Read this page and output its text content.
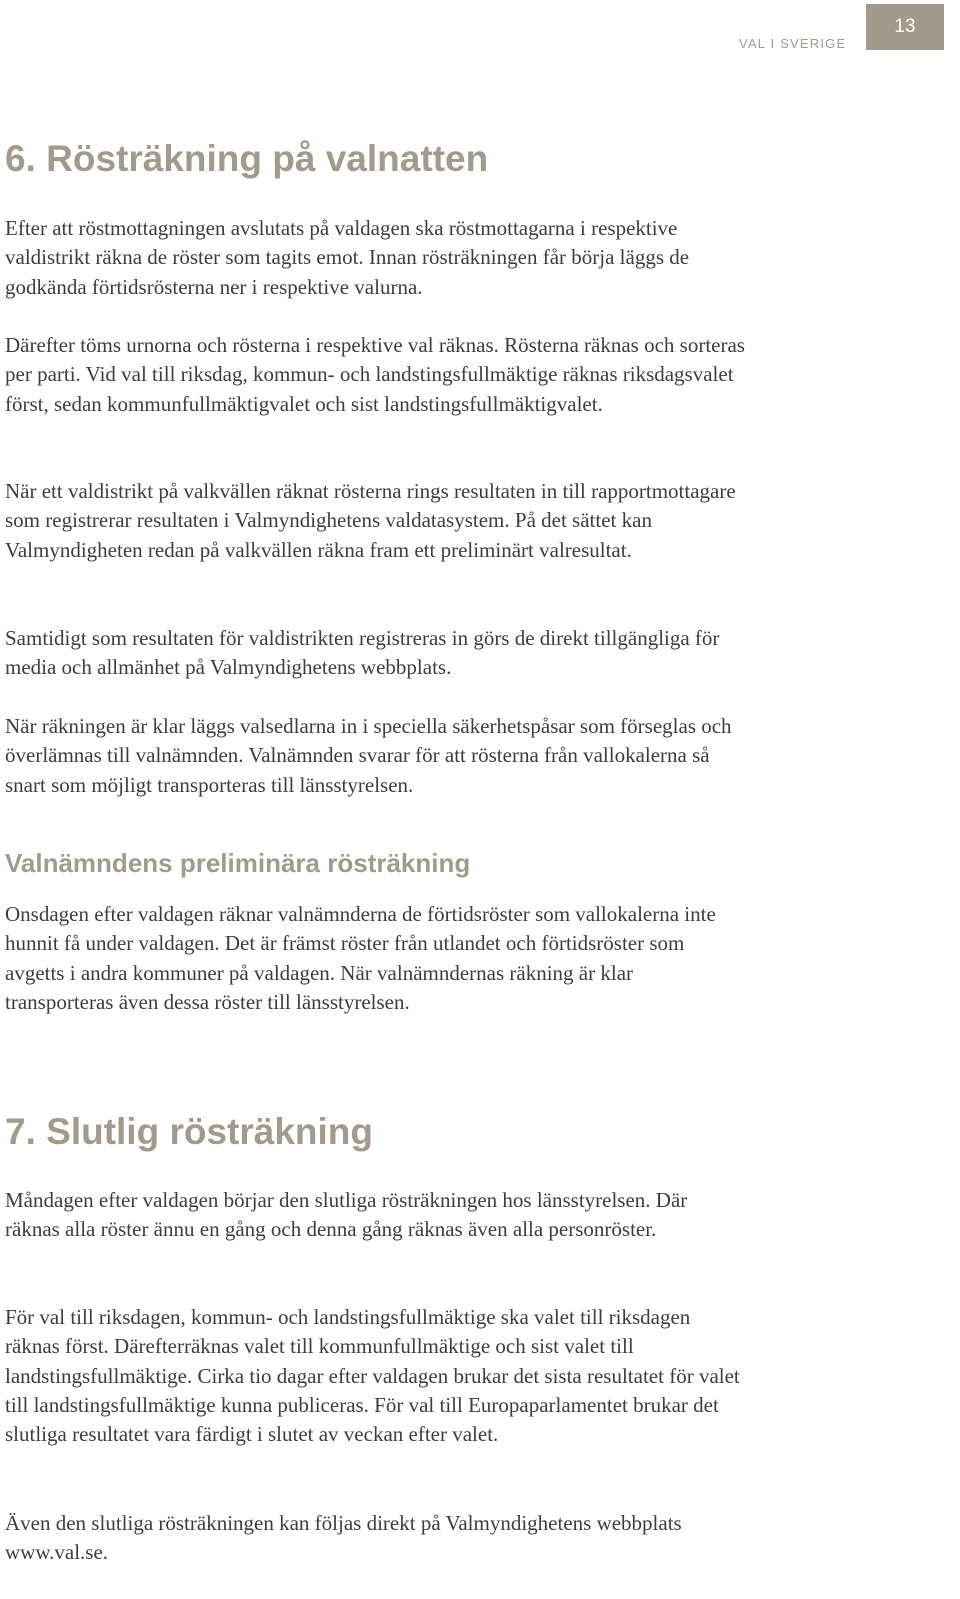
VAL I SVERIGE
13
6. Rösträkning på valnatten

Efter att röstmottagningen avslutats på valdagen ska röstmottagarna i respektive valdistrikt räkna de röster som tagits emot. Innan rösträkningen får börja läggs de godkända förtidsrösterna ner i respektive valurna.

Därefter töms urnorna och rösterna i respektive val räknas. Rösterna räknas och sorteras per parti. Vid val till riksdag, kommun- och landstingsfullmäktige räknas riksdagsvalet först, sedan kommunfullmäktigvalet och sist landstingsfullmäktigvalet.

När ett valdistrikt på valkvällen räknat rösterna rings resultaten in till rapportmottagare som registrerar resultaten i Valmyndighetens valdatasystem. På det sättet kan Valmyndigheten redan på valkvällen räkna fram ett preliminärt valresultat.

Samtidigt som resultaten för valdistrikten registreras in görs de direkt tillgängliga för media och allmänhet på Valmyndighetens webbplats.

När räkningen är klar läggs valsedlarna in i speciella säkerhetspåsar som förseglas och överlämnas till valnämnden. Valnämnden svarar för att rösterna från vallokalerna så snart som möjligt transporteras till länsstyrelsen.

Valnämndens preliminära rösträkning

Onsdagen efter valdagen räknar valnämnderna de förtidsröster som vallokalerna inte hunnit få under valdagen. Det är främst röster från utlandet och förtidsröster som avgetts i andra kommuner på valdagen. När valnämndernas räkning är klar transporteras även dessa röster till länsstyrelsen.

7. Slutlig rösträkning

Måndagen efter valdagen börjar den slutliga rösträkningen hos länsstyrelsen. Där räknas alla röster ännu en gång och denna gång räknas även alla personröster.

För val till riksdagen, kommun- och landstingsfullmäktige ska valet till riksdagen räknas först. Därefterräknas valet till kommunfullmäktige och sist valet till landstingsfullmäktige. Cirka tio dagar efter valdagen brukar det sista resultatet för valet till landstingsfullmäktige kunna publiceras. För val till Europaparlamentet brukar det slutliga resultatet vara färdigt i slutet av veckan efter valet.

Även den slutliga rösträkningen kan följas direkt på Valmyndighetens webbplats www.val.se.
